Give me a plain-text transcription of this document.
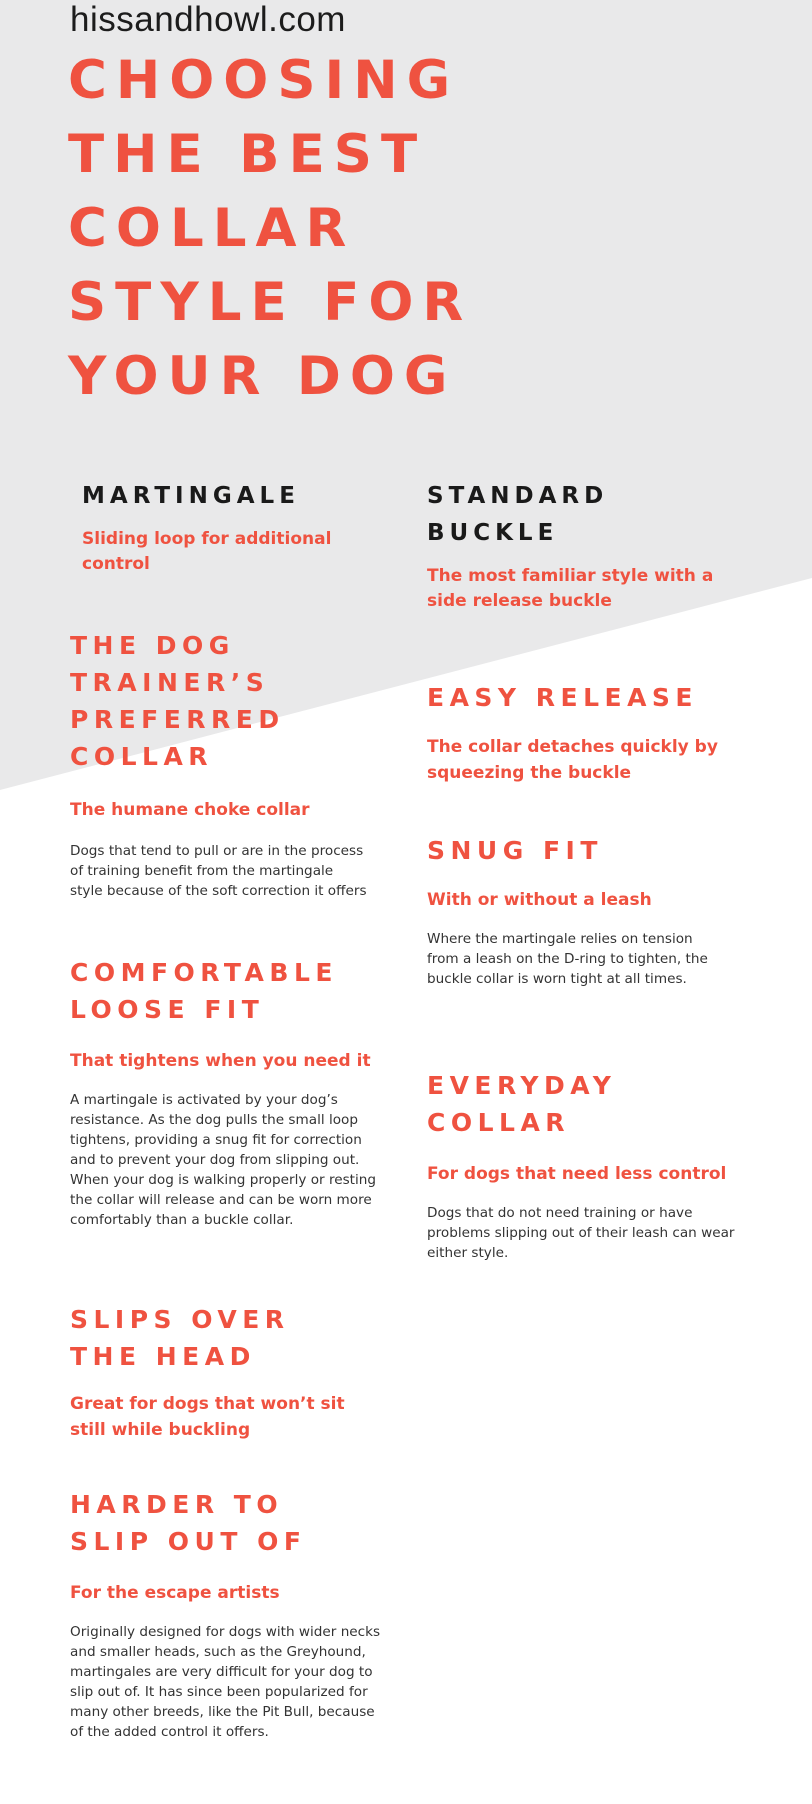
hissandhowl.com
CHOOSING
THE BEST
COLLAR
STYLE FOR
YOUR DOG

MARTINGALE

Sliding loop for additional control

THE DOG
TRAINER’S
PREFERRED
COLLAR

The humane choke collar

Dogs that tend to pull or are in the process of training benefit from the martingale style because of the soft correction it offers

COMFORTABLE
LOOSE FIT

That tightens when you need it

A martingale is activated by your dog’s resistance. As the dog pulls the small loop tightens, providing a snug fit for correction and to prevent your dog from slipping out. When your dog is walking properly or resting the collar will release and can be worn more comfortably than a buckle collar.

SLIPS OVER
THE HEAD

Great for dogs that won’t sit still while buckling

HARDER TO
SLIP OUT OF

For the escape artists

Originally designed for dogs with wider necks and smaller heads, such as the Greyhound, martingales are very difficult for your dog to slip out of. It has since been popularized for many other breeds, like the Pit Bull, because of the added control it offers.

STANDARD
BUCKLE

The most familiar style with a side release buckle

EASY RELEASE

The collar detaches quickly by squeezing the buckle

SNUG FIT

With or without a leash

Where the martingale relies on tension from a leash on the D-ring to tighten, the buckle collar is worn tight at all times.

EVERYDAY
COLLAR

For dogs that need less control

Dogs that do not need training or have problems slipping out of their leash can wear either style.
